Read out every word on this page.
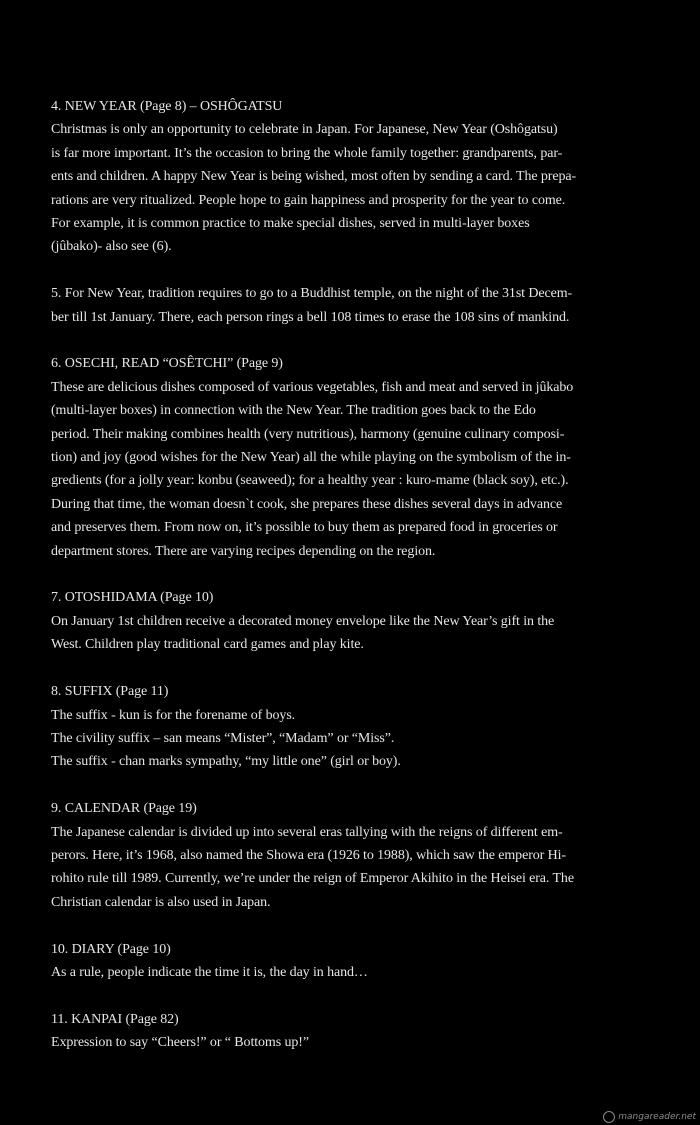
4. NEW YEAR (Page 8) – OSHÔGATSU
Christmas is only an opportunity to celebrate in Japan. For Japanese, New Year (Oshôgatsu)
is far more important. It’s the occasion to bring the whole family together: grandparents, par-
ents and children. A happy New Year is being wished, most often by sending a card. The prepa-
rations are very ritualized. People hope to gain happiness and prosperity for the year to come.
For example, it is common practice to make special dishes, served in multi-layer boxes
(jûbako)- also see (6).
5. For New Year, tradition requires to go to a Buddhist temple, on the night of the 31st Decem-
ber till 1st January. There, each person rings a bell 108 times to erase the 108 sins of mankind.
6. OSECHI, READ “OSÊTCHI” (Page 9)
These are delicious dishes composed of various vegetables, fish and meat and served in jûkabo
(multi-layer boxes) in connection with the New Year. The tradition goes back to the Edo
period. Their making combines health (very nutritious), harmony (genuine culinary composi-
tion) and joy (good wishes for the New Year) all the while playing on the symbolism of the in-
gredients (for a jolly year: konbu (seaweed); for a healthy year : kuro-mame (black soy), etc.).
During that time, the woman doesn`t cook, she prepares these dishes several days in advance
and preserves them. From now on, it’s possible to buy them as prepared food in groceries or
department stores. There are varying recipes depending on the region.
7. OTOSHIDAMA (Page 10)
On January 1st children receive a decorated money envelope like the New Year’s gift in the
West. Children play traditional card games and play kite.
8. SUFFIX (Page 11)
The suffix - kun is for the forename of boys.
The civility suffix – san means “Mister”, “Madam” or “Miss”.
The suffix - chan marks sympathy, “my little one” (girl or boy).
9. CALENDAR (Page 19)
The Japanese calendar is divided up into several eras tallying with the reigns of different em-
perors. Here, it’s 1968, also named the Showa era (1926 to 1988), which saw the emperor Hi-
rohito rule till 1989. Currently, we’re under the reign of Emperor Akihito in the Heisei era. The
Christian calendar is also used in Japan.
10. DIARY (Page 10)
As a rule, people indicate the time it is, the day in hand…
11. KANPAI (Page 82)
Expression to say “Cheers!” or “ Bottoms up!”
mangareader.net
